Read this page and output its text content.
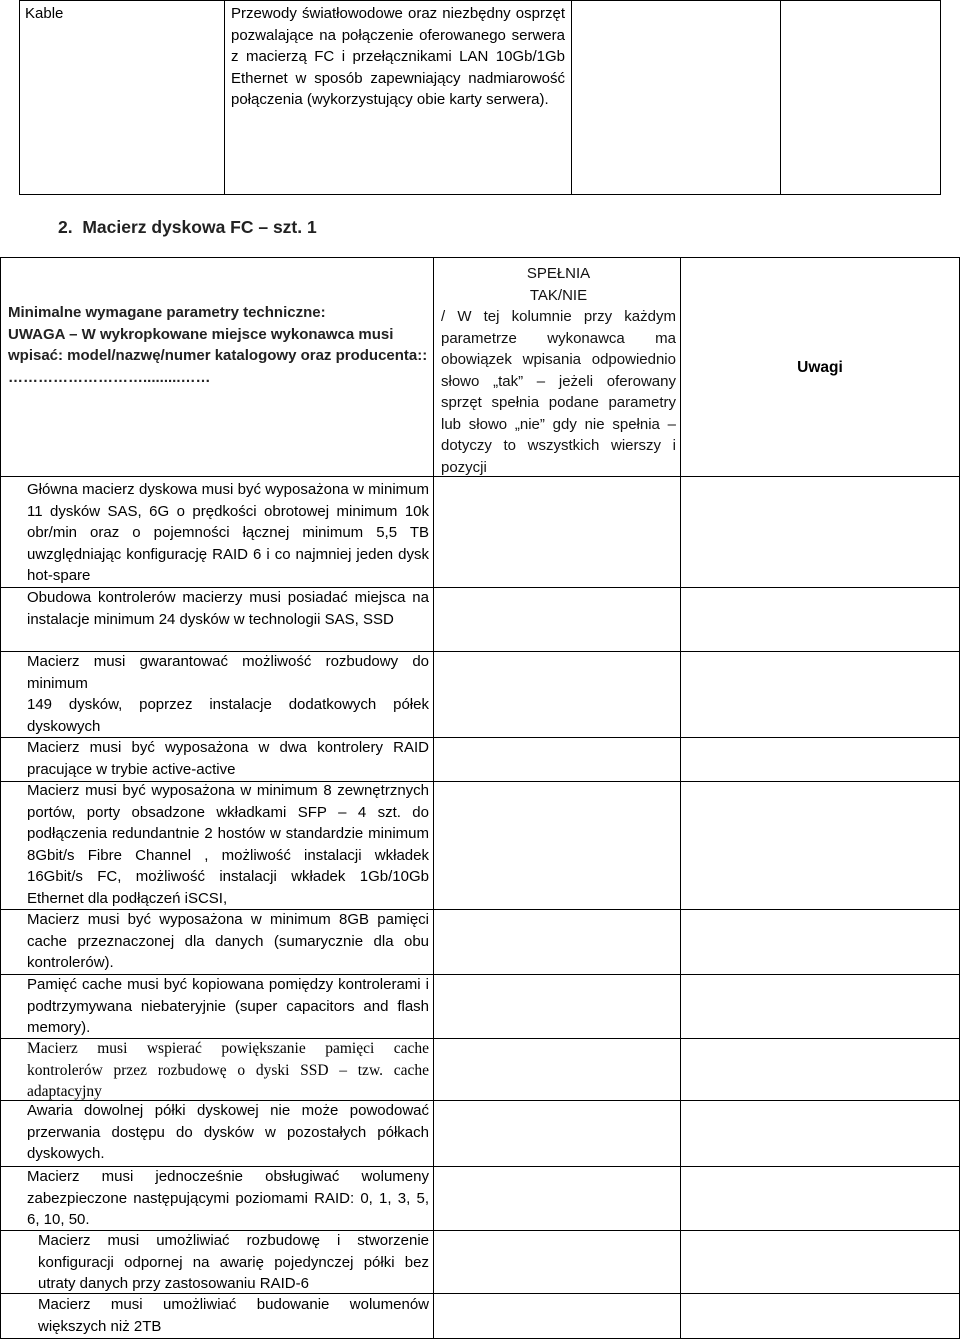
Kable	Przewody światłowodowe oraz niezbędny osprzęt pozwalające na połączenie oferowanego serwera z macierzą FC i przełącznikami LAN 10Gb/1Gb Ethernet w sposób zapewniający nadmiarowość połączenia (wykorzystujący obie karty serwera).
2.  Macierz dyskowa FC – szt. 1
Minimalne wymagane parametry techniczne:
UWAGA – W wykropkowane miejsce wykonawca musi wpisać: model/nazwę/numer katalogowy oraz producenta::
……………………….........……
SPEŁNIA
TAK/NIE
/ W tej kolumnie przy każdym parametrze wykonawca ma obowiązek wpisania odpowiednio słowo „tak” – jeżeli oferowany sprzęt spełnia podane parametry lub słowo „nie” gdy nie spełnia – dotyczy to wszystkich wierszy i pozycji
Uwagi
Główna macierz dyskowa musi być wyposażona w minimum 11 dysków SAS, 6G o prędkości obrotowej minimum 10k obr/min oraz o pojemności łącznej minimum 5,5 TB uwzględniając konfigurację RAID 6 i co najmniej jeden dysk hot-spare
Obudowa kontrolerów macierzy musi posiadać miejsca na instalacje minimum 24 dysków w technologii SAS, SSD
Macierz musi gwarantować możliwość rozbudowy do minimum
149 dysków, poprzez instalacje dodatkowych półek dyskowych
Macierz musi być wyposażona w dwa kontrolery RAID pracujące w trybie active-active
Macierz musi być wyposażona w minimum 8 zewnętrznych portów, porty obsadzone wkładkami SFP – 4 szt. do podłączenia redundantnie 2 hostów w standardzie minimum 8Gbit/s Fibre Channel , możliwość instalacji wkładek 16Gbit/s FC, możliwość instalacji wkładek 1Gb/10Gb Ethernet dla podłączeń iSCSI,
Macierz musi być wyposażona w minimum 8GB pamięci cache przeznaczonej dla danych (sumarycznie dla obu kontrolerów).
Pamięć cache musi być kopiowana pomiędzy kontrolerami i podtrzymywana niebateryjnie (super capacitors and flash memory).
Macierz musi wspierać powiększanie pamięci cache kontrolerów przez rozbudowę o dyski SSD – tzw. cache adaptacyjny
Awaria dowolnej półki dyskowej nie może powodować przerwania dostępu do dysków w pozostałych półkach dyskowych.
Macierz musi jednocześnie obsługiwać wolumeny zabezpieczone następującymi poziomami RAID: 0, 1, 3, 5, 6, 10, 50.
Macierz musi umożliwiać rozbudowę i stworzenie konfiguracji odpornej na awarię pojedynczej półki bez utraty danych przy zastosowaniu RAID-6
Macierz musi umożliwiać budowanie wolumenów większych niż 2TB
